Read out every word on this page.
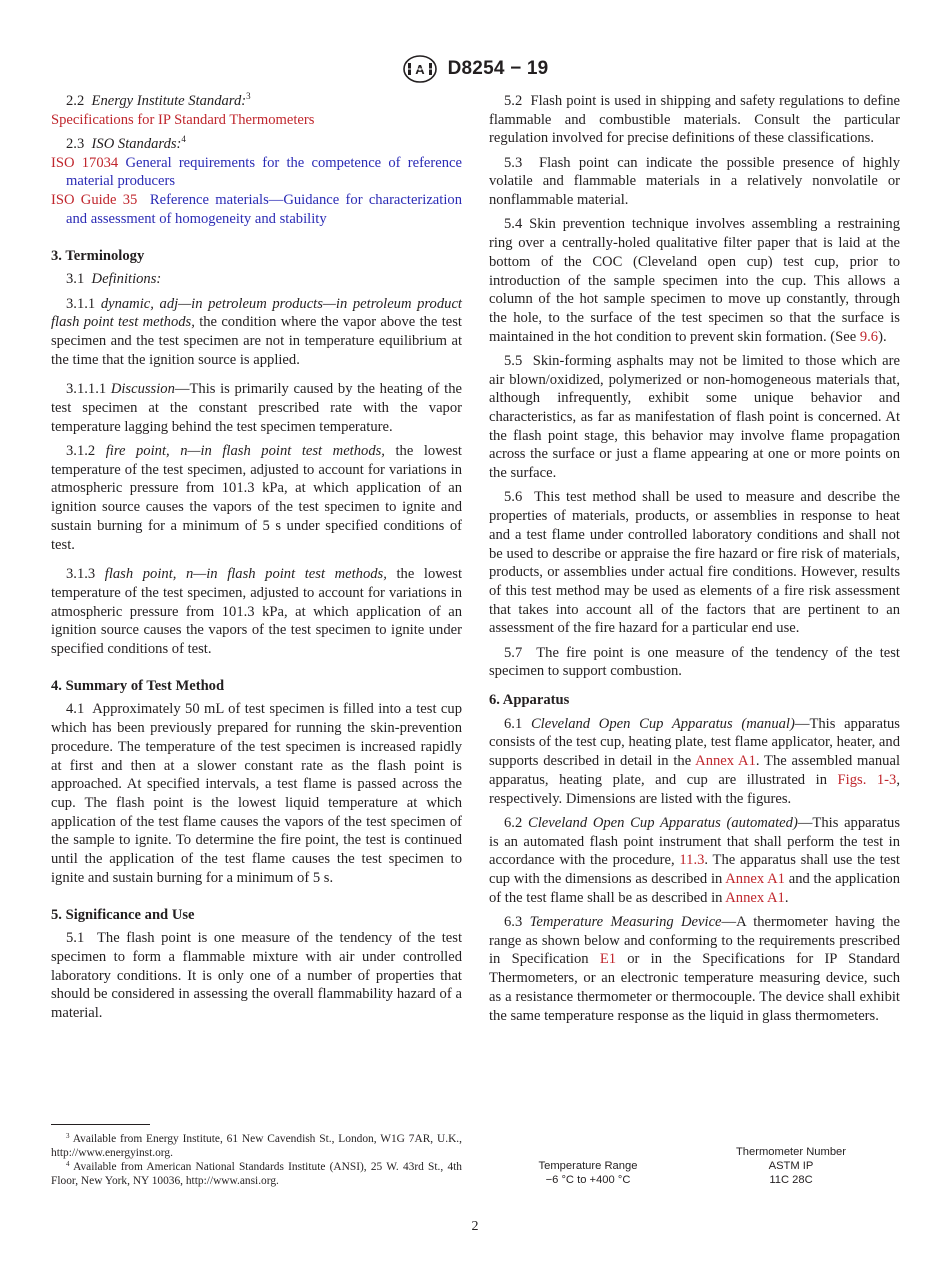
A D8254 − 19

2.2 Energy Institute Standard:$^3$

Specifications for IP Standard Thermometers

2.3 ISO Standards:$^4$

ISO 17034 General requirements for the competence of reference material producers
ISO Guide 35 Reference materials—Guidance for characterization and assessment of homogeneity and stability
3. Terminology

3.1 Definitions:

3.1.1 dynamic, adj—in petroleum products—in petroleum product flash point test methods, the condition where the vapor above the test specimen and the test specimen are not in temperature equilibrium at the time that the ignition source is applied.

3.1.1.1 Discussion—This is primarily caused by the heating of the test specimen at the constant prescribed rate with the vapor temperature lagging behind the test specimen temperature.

3.1.2 fire point, n—in flash point test methods, the lowest temperature of the test specimen, adjusted to account for variations in atmospheric pressure from 101.3 kPa, at which application of an ignition source causes the vapors of the test specimen to ignite and sustain burning for a minimum of 5 s under specified conditions of test.

3.1.3 flash point, n—in flash point test methods, the lowest temperature of the test specimen, adjusted to account for variations in atmospheric pressure from 101.3 kPa, at which application of an ignition source causes the vapors of the test specimen to ignite under specified conditions of test.

4. Summary of Test Method

4.1 Approximately 50 mL of test specimen is filled into a test cup which has been previously prepared for running the skin-prevention procedure. The temperature of the test specimen is increased rapidly at first and then at a slower constant rate as the flash point is approached. At specified intervals, a test flame is passed across the cup. The flash point is the lowest liquid temperature at which application of the test flame causes the vapors of the test specimen of the sample to ignite. To determine the fire point, the test is continued until the application of the test flame causes the test specimen to ignite and sustain burning for a minimum of 5 s.

5. Significance and Use

5.1 The flash point is one measure of the tendency of the test specimen to form a flammable mixture with air under controlled laboratory conditions. It is only one of a number of properties that should be considered in assessing the overall flammability hazard of a material.

$^3$ Available from Energy Institute, 61 New Cavendish St., London, W1G 7AR, U.K., http://www.energyinst.org.

$^4$ Available from American National Standards Institute (ANSI), 25 W. 43rd St., 4th Floor, New York, NY 10036, http://www.ansi.org.

5.2 Flash point is used in shipping and safety regulations to define flammable and combustible materials. Consult the particular regulation involved for precise definitions of these classifications.

5.3 Flash point can indicate the possible presence of highly volatile and flammable materials in a relatively nonvolatile or nonflammable material.

5.4 Skin prevention technique involves assembling a restraining ring over a centrally-holed qualitative filter paper that is laid at the bottom of the COC (Cleveland open cup) test cup, prior to introduction of the sample specimen into the cup. This allows a column of the hot sample specimen to move up constantly, through the hole, to the surface of the test specimen so that the surface is maintained in the hot condition to prevent skin formation. (See 9.6).

5.5 Skin-forming asphalts may not be limited to those which are air blown/oxidized, polymerized or non-homogeneous materials that, although infrequently, exhibit some unique behavior and characteristics, as far as manifestation of flash point is concerned. At the flash point stage, this behavior may involve flame propagation across the surface or just a flame appearing at one or more points on the surface.

5.6 This test method shall be used to measure and describe the properties of materials, products, or assemblies in response to heat and a test flame under controlled laboratory conditions and shall not be used to describe or appraise the fire hazard or fire risk of materials, products, or assemblies under actual fire conditions. However, results of this test method may be used as elements of a fire risk assessment that takes into account all of the factors that are pertinent to an assessment of the fire hazard for a particular end use.

5.7 The fire point is one measure of the tendency of the test specimen to support combustion.

6. Apparatus

6.1 Cleveland Open Cup Apparatus (manual)—This apparatus consists of the test cup, heating plate, test flame applicator, heater, and supports described in detail in the Annex A1. The assembled manual apparatus, heating plate, and cup are illustrated in Figs. 1-3, respectively. Dimensions are listed with the figures.

6.2 Cleveland Open Cup Apparatus (automated)—This apparatus is an automated flash point instrument that shall perform the test in accordance with the procedure, 11.3. The apparatus shall use the test cup with the dimensions as described in Annex A1 and the application of the test flame shall be as described in Annex A1.

6.3 Temperature Measuring Device—A thermometer having the range as shown below and conforming to the requirements prescribed in Specification E1 or in the Specifications for IP Standard Thermometers, or an electronic temperature measuring device, such as a resistance thermometer or thermocouple. The device shall exhibit the same temperature response as the liquid in glass thermometers.

Thermometer Number
Temperature Range	ASTM IP
−6 °C to +400 °C	11C 28C
2
